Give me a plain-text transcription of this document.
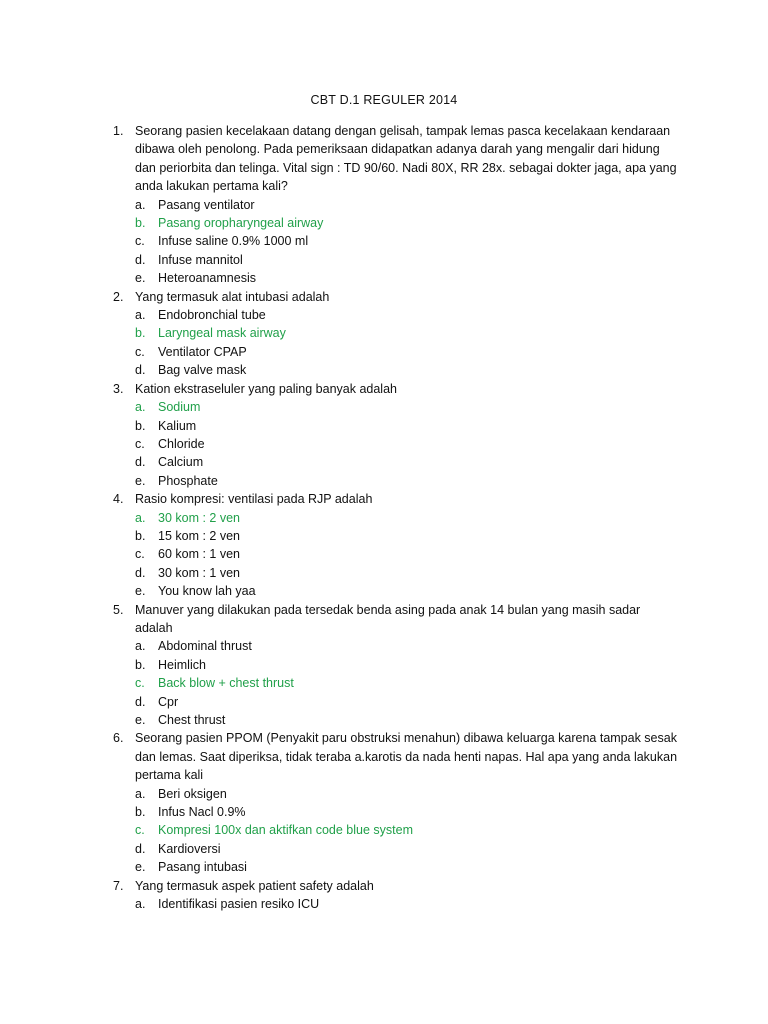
CBT D.1 REGULER 2014
1. Seorang pasien kecelakaan datang dengan gelisah, tampak lemas pasca kecelakaan kendaraan
dibawa oleh penolong. Pada pemeriksaan didapatkan adanya darah yang mengalir dari hidung
dan periorbita dan telinga. Vital sign : TD 90/60. Nadi 80X, RR 28x. sebagai dokter jaga, apa yang
anda lakukan pertama kali?
a. Pasang ventilator
b. Pasang oropharyngeal airway
c. Infuse saline 0.9% 1000 ml
d. Infuse mannitol
e. Heteroanamnesis
2. Yang termasuk alat intubasi adalah
a. Endobronchial tube
b. Laryngeal mask airway
c. Ventilator CPAP
d. Bag valve mask
3. Kation ekstraseluler yang paling banyak adalah
a. Sodium
b. Kalium
c. Chloride
d. Calcium
e. Phosphate
4. Rasio kompresi: ventilasi pada RJP adalah
a. 30 kom : 2 ven
b. 15 kom : 2 ven
c. 60 kom : 1 ven
d. 30 kom : 1 ven
e. You know lah yaa
5. Manuver yang dilakukan pada tersedak benda asing pada anak 14 bulan yang masih sadar
adalah
a. Abdominal thrust
b. Heimlich
c. Back blow + chest thrust
d. Cpr
e. Chest thrust
6. Seorang pasien PPOM (Penyakit paru obstruksi menahun) dibawa keluarga karena tampak sesak
dan lemas. Saat diperiksa, tidak teraba a.karotis da nada henti napas. Hal apa yang anda lakukan
pertama kali
a. Beri oksigen
b. Infus Nacl 0.9%
c. Kompresi 100x dan aktifkan code blue system
d. Kardioversi
e. Pasang intubasi
7. Yang termasuk aspek patient safety adalah
a. Identifikasi pasien resiko ICU
